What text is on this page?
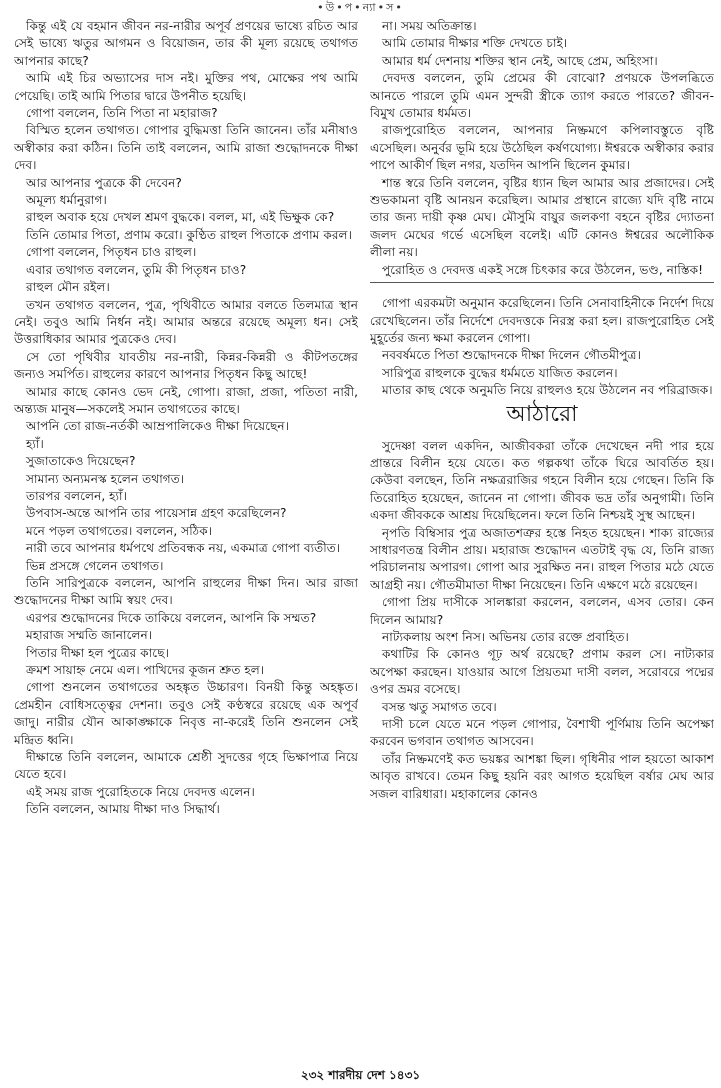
•উ•প•ন্যা•স•

কিন্তু এই যে বহমান জীবন নর-নারীর অপূর্ব প্রণয়ের ভাষ্যে রচিত আর সেই ভাষ্যে ঋতুর আগমন ও বিয়োজন, তার কী মূল্য রয়েছে তথাগত আপনার কাছে?

আমি এই চির অভ্যাসের দাস নই। মুক্তির পথ, মোক্ষের পথ আমি পেয়েছি। তাই আমি পিতার দ্বারে উপনীত হয়েছি।

গোপা বললেন, তিনি পিতা না মহারাজ?

বিস্মিত হলেন তথাগত। গোপার বুদ্ধিমত্তা তিনি জানেন। তাঁর মনীষাও অস্বীকার করা কঠিন। তিনি তাই বললেন, আমি রাজা শুদ্ধোদনকে দীক্ষা দেব।

আর আপনার পুত্রকে কী দেবেন?

অমূল্য ধর্মানুরাগ।

রাহুল অবাক হয়ে দেখল শ্রমণ বুদ্ধকে। বলল, মা, এই ভিক্ষুক কে?

তিনি তোমার পিতা, প্রণাম করো। কুণ্ঠিত রাহুল পিতাকে প্রণাম করল।

গোপা বললেন, পিতৃধন চাও রাহুল।

এবার তথাগত বললেন, তুমি কী পিতৃধন চাও?

রাহুল মৌন রইল।

তখন তথাগত বললেন, পুত্র, পৃথিবীতে আমার বলতে তিলমাত্র স্থান নেই। তবুও আমি নির্ধন নই। আমার অন্তরে রয়েছে অমূল্য ধন। সেই উত্তরাধিকার আমার পুত্রকেও দেব।

সে তো পৃথিবীর যাবতীয় নর-নারী, কিন্নর-কিন্নরী ও কীটপতঙ্গের জন্যও সমর্পিত। রাহুলের কারণে আপনার পিতৃধন কিছু আছে!

আমার কাছে কোনও ভেদ নেই, গোপা। রাজা, প্রজা, পতিতা নারী, অন্ত্যজ মানুষ—সকলেই সমান তথাগতের কাছে।

আপনি তো রাজ-নর্তকী আম্রপালিকেও দীক্ষা দিয়েছেন।

হ্যাঁ।

সুজাতাকেও দিয়েছেন?

সামান্য অন্যমনস্ক হলেন তথাগত।

তারপর বললেন, হ্যাঁ।

উপবাস-অন্তে আপনি তার পায়েসান্ন গ্রহণ করেছিলেন?

মনে পড়ল তথাগতের। বললেন, সঠিক।

নারী তবে আপনার ধর্মপথে প্রতিবন্ধক নয়, একমাত্র গোপা ব্যতীত।

ভিন্ন প্রসঙ্গে গেলেন তথাগত।

তিনি সারিপুত্রকে বললেন, আপনি রাহুলের দীক্ষা দিন। আর রাজা শুদ্ধোদনের দীক্ষা আমি স্বয়ং দেব।

এরপর শুদ্ধোদনের দিকে তাকিয়ে বললেন, আপনি কি সম্মত?

মহারাজ সম্মতি জানালেন।

পিতার দীক্ষা হল পুত্রের কাছে।

ক্রমশ সায়াহ্ন নেমে এল। পাখিদের কূজন শ্রুত হল।

গোপা শুনলেন তথাগতের অহঙ্কৃত উচ্চারণ। বিনয়ী কিন্তু অহঙ্কৃত। প্রেমহীন বোধিসত্ত্বের দেশনা। তবুও সেই কণ্ঠস্বরে রয়েছে এক অপূর্ব জাদু। নারীর যৌন আকাঙ্ক্ষাকে নিবৃত্ত না-করেই তিনি শুনলেন সেই মন্দ্রিত ধ্বনি।

দীক্ষান্তে তিনি বললেন, আমাকে শ্রেষ্ঠী সুদত্তের গৃহে ভিক্ষাপাত্র নিয়ে যেতে হবে।

এই সময় রাজ পুরোহিতকে নিয়ে দেবদত্ত এলেন।

তিনি বললেন, আমায় দীক্ষা দাও সিদ্ধার্থ।

না। সময় অতিক্রান্ত।

আমি তোমার দীক্ষার শক্তি দেখতে চাই।

আমার ধর্ম দেশনায় শক্তির স্থান নেই, আছে প্রেম, অহিংসা।

দেবদত্ত বললেন, তুমি প্রেমের কী বোঝো? প্রণয়কে উপলব্ধিতে আনতে পারলে তুমি এমন সুন্দরী স্ত্রীকে ত্যাগ করতে পারতে? জীবন-বিমুখ তোমার ধর্মমত।

রাজপুরোহিত বললেন, আপনার নিষ্ক্রমণে কপিলাবস্তুতে বৃষ্টি এসেছিল। অনুর্বর ভূমি হয়ে উঠেছিল কর্ষণযোগ্য। ঈশ্বরকে অস্বীকার করার পাপে আকীর্ণ ছিল নগর, যতদিন আপনি ছিলেন কুমার।

শান্ত স্বরে তিনি বললেন, বৃষ্টির ধ্যান ছিল আমার আর প্রজাদের। সেই শুভকামনা বৃষ্টি আনয়ন করেছিল। আমার প্রস্থানে রাজ্যে যদি বৃষ্টি নামে তার জন্য দায়ী কৃষ্ণ মেঘ। মৌসুমি বায়ুর জলকণা বহনে বৃষ্টির দ্যোতনা জলদ মেঘের গর্ভে এসেছিল বলেই। এটি কোনও ঈশ্বরের অলৌকিক লীলা নয়।

পুরোহিত ও দেবদত্ত একই সঙ্গে চিৎকার করে উঠলেন, ভণ্ড, নাস্তিক!

গোপা এরকমটা অনুমান করেছিলেন। তিনি সেনাবাহিনীকে নির্দেশ দিয়ে রেখেছিলেন। তাঁর নির্দেশে দেবদত্তকে নিরস্ত্র করা হল। রাজপুরোহিত সেই মুহূর্তের জন্য ক্ষমা করলেন গোপা।

নববর্ষমতে পিতা শুদ্ধোদনকে দীক্ষা দিলেন গৌতমীপুত্র।

সারিপুত্র রাহুলকে বুদ্ধের ধর্মমতে যাজিত করলেন।

মাতার কাছ থেকে অনুমতি নিয়ে রাহুলও হয়ে উঠলেন নব পরিব্রাজক।

আঠারো

সুদেষ্ণা বলল একদিন, আজীবকরা তাঁকে দেখেছেন নদী পার হয়ে প্রান্তরে বিলীন হয়ে যেতে। কত গল্পকথা তাঁকে ঘিরে আবর্তিত হয়। কেউবা বলছেন, তিনি নক্ষত্ররাজির গহনে বিলীন হয়ে গেছেন। তিনি কি তিরোহিত হয়েছেন, জানেন না গোপা। জীবক ভদ্র তাঁর অনুগামী। তিনি একদা জীবককে আশ্রয় দিয়েছিলেন। ফলে তিনি নিশ্চয়ই সুস্থ আছেন।

নৃপতি বিম্বিসার পুত্র অজাতশত্রুর হস্তে নিহত হয়েছেন। শাক্য রাজ্যের সাধারণতন্ত্র বিলীন প্রায়। মহারাজ শুদ্ধোদন এতটাই বৃদ্ধ যে, তিনি রাজ্য পরিচালনায় অপারগ। গোপা আর সুরক্ষিত নন। রাহুল পিতার মঠে যেতে আগ্রহী নয়। গৌতমীমাতা দীক্ষা নিয়েছেন। তিনি এক্ষণে মঠে রয়েছেন।

গোপা প্রিয় দাসীকে সালঙ্কারা করলেন, বললেন, এসব তোর। কেন দিলেন আমায়?

নাট্যকলায় অংশ নিস। অভিনয় তোর রক্তে প্রবাহিত।

কথাটির কি কোনও গূঢ় অর্থ রয়েছে? প্রণাম করল সে। নাট্যকার অপেক্ষা করছেন। যাওয়ার আগে প্রিয়তমা দাসী বলল, সরোবরে পদ্মের ওপর ভ্রমর বসেছে।

বসন্ত ঋতু সমাগত তবে।

দাসী চলে যেতে মনে পড়ল গোপার, বৈশাখী পূর্ণিমায় তিনি অপেক্ষা করবেন ভগবান তথাগত আসবেন।

তাঁর নিষ্ক্রমণেই কত ভয়ঙ্কর আশঙ্কা ছিল। গৃধিনীর পাল হয়তো আকাশ আবৃত রাখবে। তেমন কিছু হয়নি বরং আগত হয়েছিল বর্ষার মেঘ আর সজল বারিধারা। মহাকালের কোনও

২৩২ শারদীয় দেশ ১৪৩১
